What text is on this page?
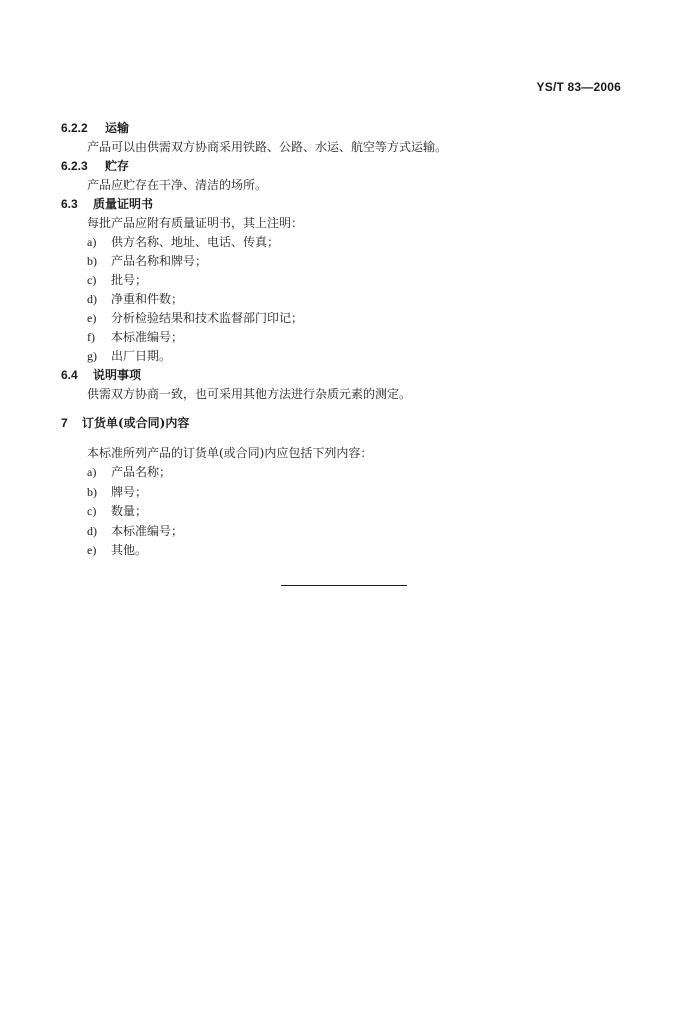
YS/T 83—2006
6.2.2 运输
产品可以由供需双方协商采用铁路、公路、水运、航空等方式运输。
6.2.3 贮存
产品应贮存在干净、清洁的场所。
6.3 质量证明书
每批产品应附有质量证明书，其上注明：
a) 供方名称、地址、电话、传真；
b) 产品名称和牌号；
c) 批号；
d) 净重和件数；
e) 分析检验结果和技术监督部门印记；
f) 本标准编号；
g) 出厂日期。
6.4 说明事项
供需双方协商一致，也可采用其他方法进行杂质元素的测定。
7 订货单(或合同)内容
本标准所列产品的订货单(或合同)内应包括下列内容：
a) 产品名称；
b) 牌号；
c) 数量；
d) 本标准编号；
e) 其他。
